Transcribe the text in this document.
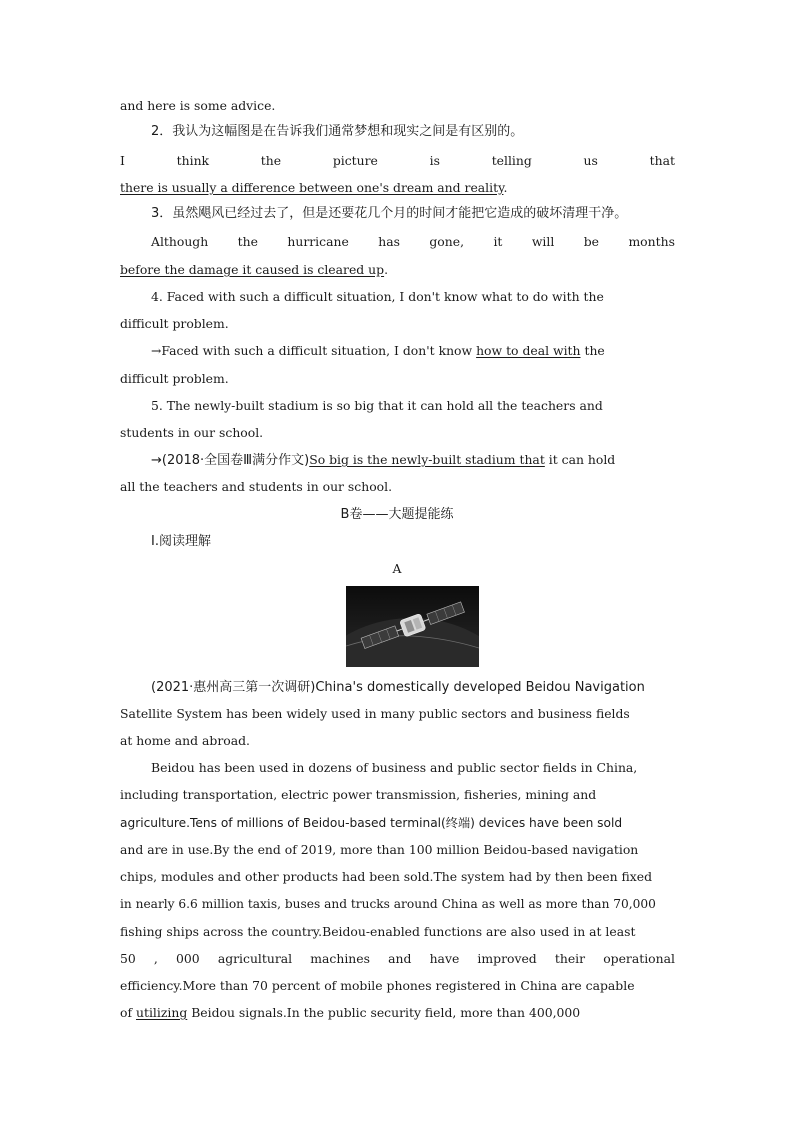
and here is some advice.
2．我认为这幅图是在告诉我们通常梦想和现实之间是有区别的。
I	think	the	picture	is	telling	us	that
there is usually a difference between one's dream and reality.
3．虽然飓风已经过去了，但是还要花几个月的时间才能把它造成的破坏清理干净。
Although the hurricane has gone, it will be months
before the damage it caused is cleared up.
4. Faced with such a difficult situation, I don't know what to do with the
difficult problem.
→Faced with such a difficult situation, I don't know how to deal with the
difficult problem.
5. The newly-built stadium is so big that it can hold all the teachers and
students in our school.
→(2018·全国卷Ⅲ满分作文)So big is the newly-built stadium that it can hold
all the teachers and students in our school.
B卷——大题提能练
Ⅰ.阅读理解
A
(2021·惠州高三第一次调研)China's domestically developed Beidou Navigation
Satellite System has been widely used in many public sectors and business fields
at home and abroad.
Beidou has been used in dozens of business and public sector fields in China,
including transportation, electric power transmission, fisheries, mining and
agriculture.Tens of millions of Beidou-based terminal(终端) devices have been sold
and are in use.By the end of 2019, more than 100 million Beidou-based navigation
chips, modules and other products had been sold.The system had by then been fixed
in nearly 6.6 million taxis, buses and trucks around China as well as more than 70,000
fishing ships across the country.Beidou-enabled functions are also used in at least
50 , 000 agricultural machines and have improved their operational
efficiency.More than 70 percent of mobile phones registered in China are capable
of utilizing Beidou signals.In the public security field, more than 400,000
